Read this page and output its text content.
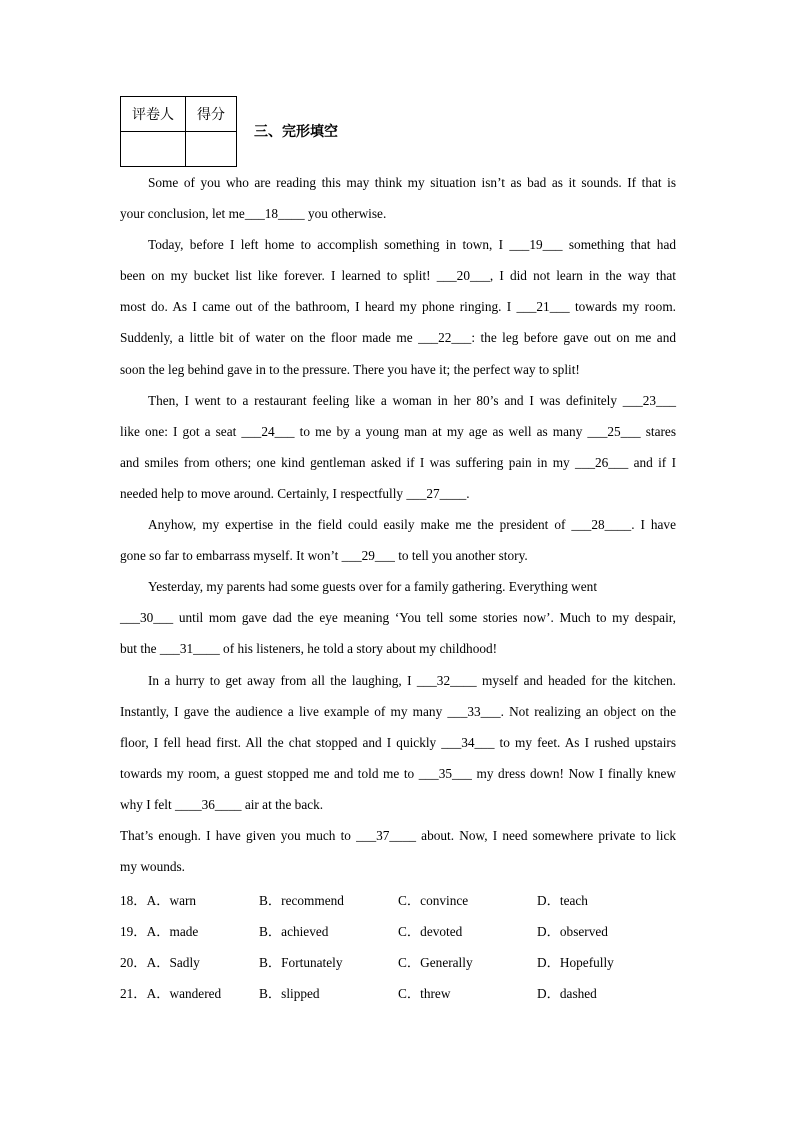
评卷人	得分

三、完形填空
Some of you who are reading this may think my situation isn’t as bad as it sounds. If that is
your conclusion, let me___18____ you otherwise.
Today, before I left home to accomplish something in town, I ___19___ something that had
been on my bucket list like forever. I learned to split! ___20___, I did not learn in the way that
most do. As I came out of the bathroom, I heard my phone ringing. I ___21___ towards my room.
Suddenly, a little bit of water on the floor made me ___22___: the leg before gave out on me and
soon the leg behind gave in to the pressure. There you have it; the perfect way to split!
Then, I went to a restaurant feeling like a woman in her 80’s and I was definitely ___23___
like one: I got a seat ___24___ to me by a young man at my age as well as many ___25___ stares
and smiles from others; one kind gentleman asked if I was suffering pain in my ___26___ and if I
needed help to move around. Certainly, I respectfully ___27____.
Anyhow, my expertise in the field could easily make me the president of ___28____. I have
gone so far to embarrass myself. It won’t ___29___ to tell you another story.
Yesterday, my parents had some guests over for a family gathering. Everything went
___30___ until mom gave dad the eye meaning ‘You tell some stories now’. Much to my despair,
but the ___31____ of his listeners, he told a story about my childhood!
In a hurry to get away from all the laughing, I ___32____ myself and headed for the kitchen.
Instantly, I gave the audience a live example of my many ___33___. Not realizing an object on the
floor, I fell head first. All the chat stopped and I quickly ___34___ to my feet. As I rushed upstairs
towards my room, a guest stopped me and told me to ___35___ my dress down! Now I finally knew
why I felt ____36____ air at the back.
That’s enough. I have given you much to ___37____ about. Now, I need somewhere private to lick
my wounds.
18．A．warn	B．recommend	C．convince	D．teach
19．A．made	B．achieved	C．devoted	D．observed
20．A．Sadly	B．Fortunately	C．Generally	D．Hopefully
21．A．wandered	B．slipped	C．threw	D．dashed
